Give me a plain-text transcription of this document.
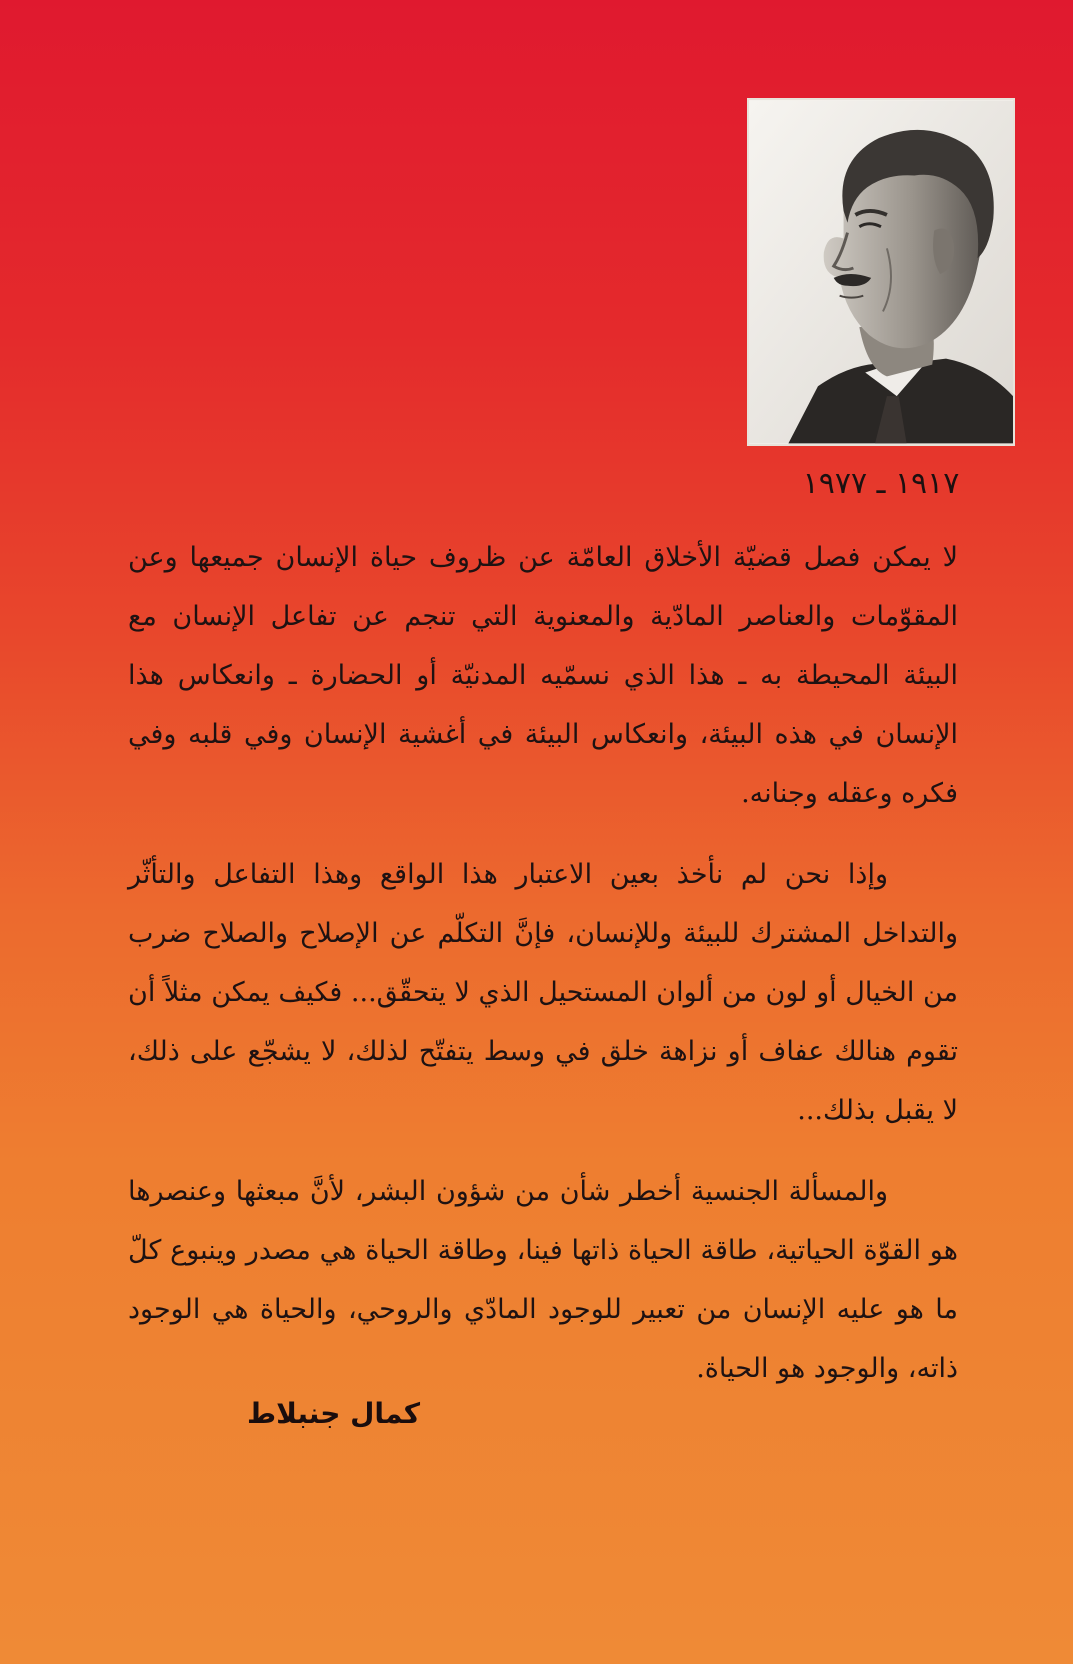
١٩١٧ ـ ١٩٧٧

لا يمكن فصل قضيّة الأخلاق العامّة عن ظروف حياة الإنسان جميعها وعن المقوّمات والعناصر المادّية والمعنوية التي تنجم عن تفاعل الإنسان مع البيئة المحيطة به ـ هذا الذي نسمّيه المدنيّة أو الحضارة ـ وانعكاس هذا الإنسان في هذه البيئة، وانعكاس البيئة في أغشية الإنسان وفي قلبه وفي فكره وعقله وجنانه.

وإذا نحن لم نأخذ بعين الاعتبار هذا الواقع وهذا التفاعل والتأثّر والتداخل المشترك للبيئة وللإنسان، فإنَّ التكلّم عن الإصلاح والصلاح ضرب من الخيال أو لون من ألوان المستحيل الذي لا يتحقّق... فكيف يمكن مثلاً أن تقوم هنالك عفاف أو نزاهة خلق في وسط يتفتّح لذلك، لا يشجّع على ذلك، لا يقبل بذلك...

والمسألة الجنسية أخطر شأن من شؤون البشر، لأنَّ مبعثها وعنصرها هو القوّة الحياتية، طاقة الحياة ذاتها فينا، وطاقة الحياة هي مصدر وينبوع كلّ ما هو عليه الإنسان من تعبير للوجود المادّي والروحي، والحياة هي الوجود ذاته، والوجود هو الحياة.

كمال جنبلاط
